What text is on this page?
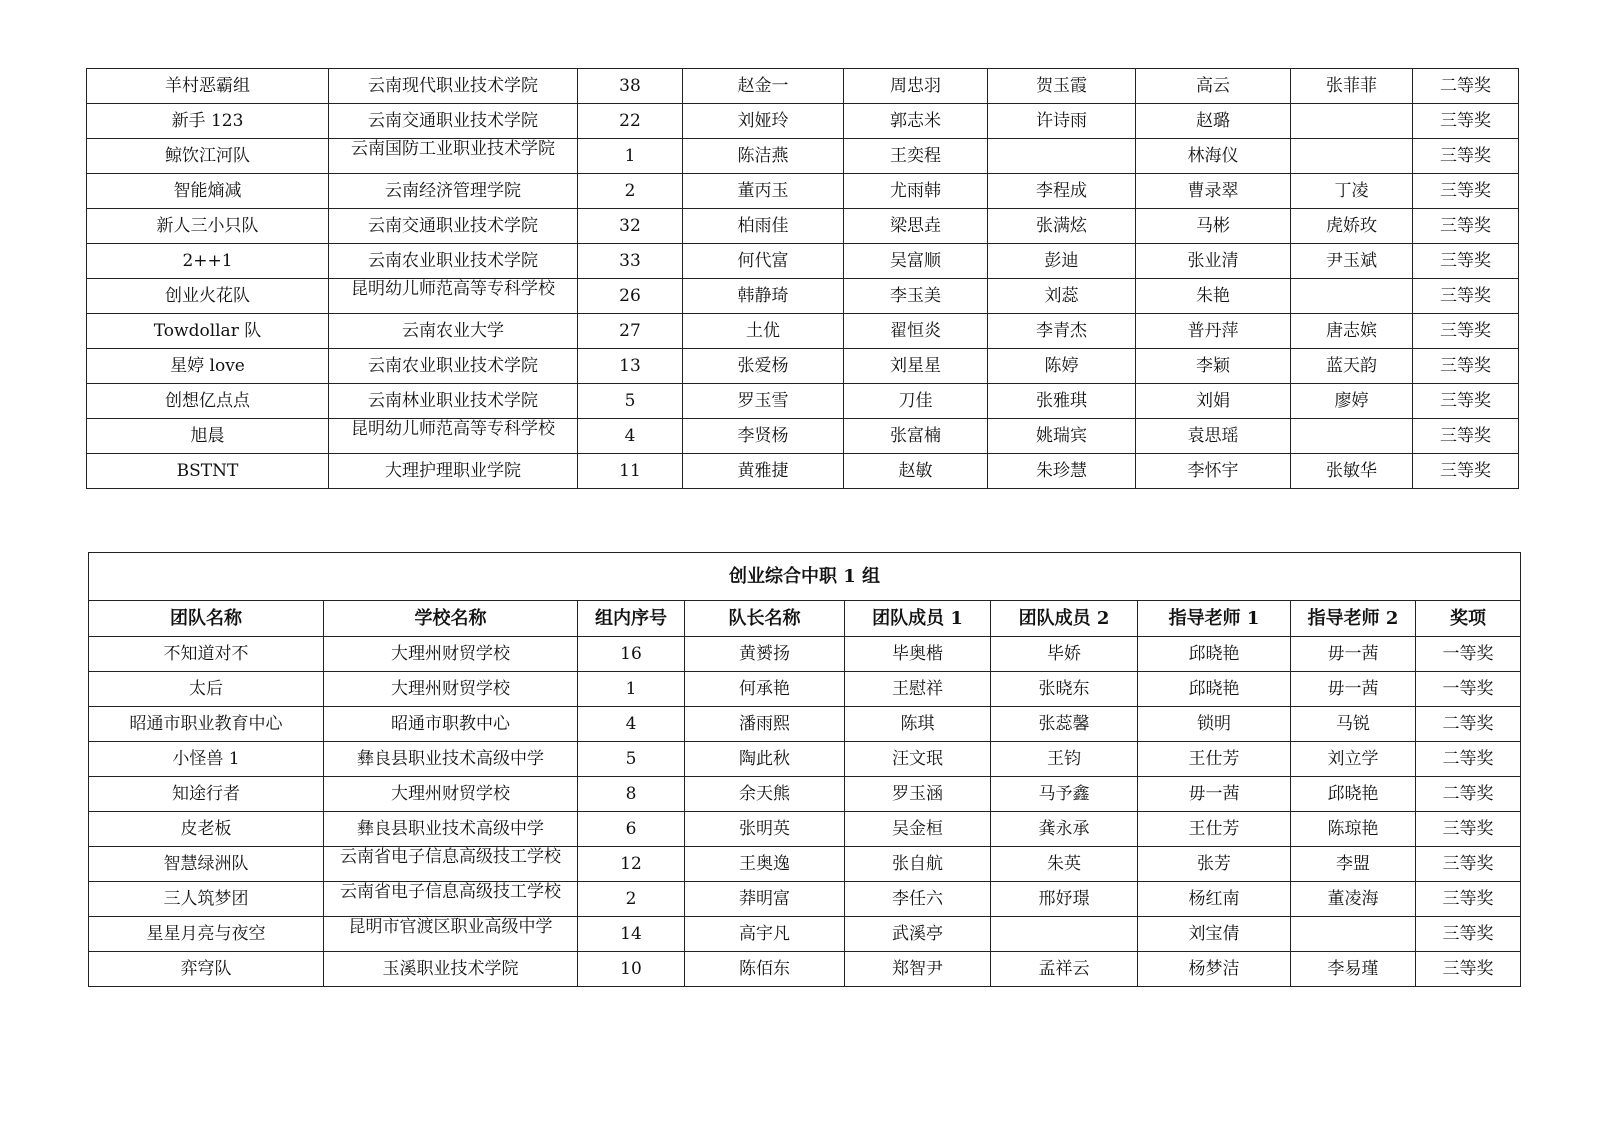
羊村恶霸组	云南现代职业技术学院	38	赵金一	周忠羽	贺玉霞	高云	张菲菲	二等奖
新手 123	云南交通职业技术学院	22	刘娅玲	郭志米	许诗雨	赵璐		三等奖
鲸饮江河队	云南国防工业职业技术学院	1	陈洁燕	王奕程		林海仪		三等奖
智能熵减	云南经济管理学院	2	董丙玉	尤雨韩	李程成	曹录翠	丁凌	三等奖
新人三小只队	云南交通职业技术学院	32	柏雨佳	梁思垚	张满炫	马彬	虎娇玫	三等奖
2++1	云南农业职业技术学院	33	何代富	吴富顺	彭迪	张业清	尹玉斌	三等奖
创业火花队	昆明幼儿师范高等专科学校	26	韩静琦	李玉美	刘蕊	朱艳		三等奖
Towdollar 队	云南农业大学	27	土优	翟恒炎	李青杰	普丹萍	唐志嫔	三等奖
星婷 love	云南农业职业技术学院	13	张爱杨	刘星星	陈婷	李颖	蓝天韵	三等奖
创想亿点点	云南林业职业技术学院	5	罗玉雪	刀佳	张雅琪	刘娟	廖婷	三等奖
旭晨	昆明幼儿师范高等专科学校	4	李贤杨	张富楠	姚瑞宾	袁思瑶		三等奖
BSTNT	大理护理职业学院	11	黄雅捷	赵敏	朱珍慧	李怀宇	张敏华	三等奖
创业综合中职 1 组								
团队名称	学校名称	组内序号	队长名称	团队成员 1	团队成员 2	指导老师 1	指导老师 2	奖项
不知道对不	大理州财贸学校	16	黄赟扬	毕奥楷	毕娇	邱晓艳	毋一茜	一等奖
太后	大理州财贸学校	1	何承艳	王慰祥	张晓东	邱晓艳	毋一茜	一等奖
昭通市职业教育中心	昭通市职教中心	4	潘雨熙	陈琪	张蕊馨	锁明	马锐	二等奖
小怪兽 1	彝良县职业技术高级中学	5	陶此秋	汪文珉	王钧	王仕芳	刘立学	二等奖
知途行者	大理州财贸学校	8	余天熊	罗玉涵	马予鑫	毋一茜	邱晓艳	二等奖
皮老板	彝良县职业技术高级中学	6	张明英	吴金桓	龚永承	王仕芳	陈琼艳	三等奖
智慧绿洲队	云南省电子信息高级技工学校	12	王奥逸	张自航	朱英	张芳	李盟	三等奖
三人筑梦团	云南省电子信息高级技工学校	2	莽明富	李任六	邢妤璟	杨红南	董凌海	三等奖
星星月亮与夜空	昆明市官渡区职业高级中学	14	高宇凡	武溪亭		刘宝倩		三等奖
弈穹队	玉溪职业技术学院	10	陈佰东	郑智尹	孟祥云	杨梦洁	李易瑾	三等奖
